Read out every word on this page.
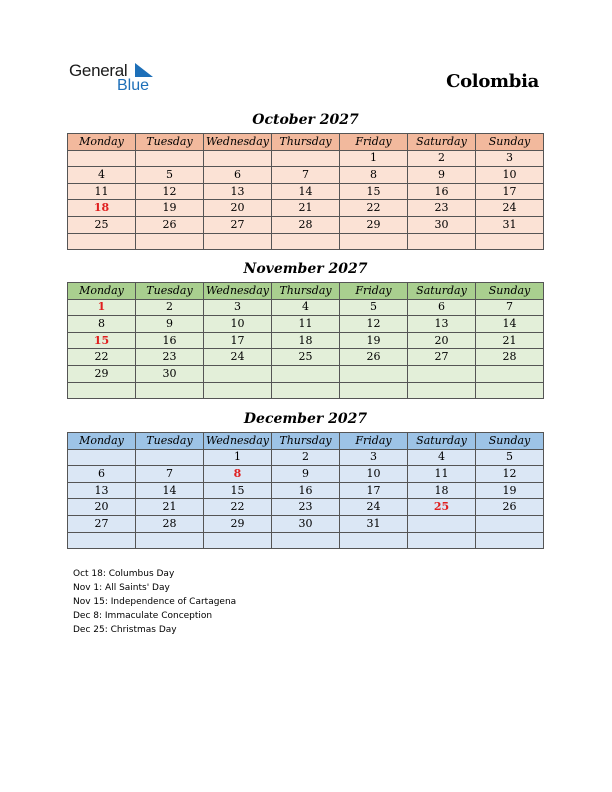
General
Blue	Colombia
October 2027
Monday	Tuesday	Wednesday	Thursday	Friday	Saturday	Sunday
				1	2	3
4	5	6	7	8	9	10
11	12	13	14	15	16	17
18	19	20	21	22	23	24
25	26	27	28	29	30	31

November 2027
Monday	Tuesday	Wednesday	Thursday	Friday	Saturday	Sunday
1	2	3	4	5	6	7
8	9	10	11	12	13	14
15	16	17	18	19	20	21
22	23	24	25	26	27	28
29	30					

December 2027
Monday	Tuesday	Wednesday	Thursday	Friday	Saturday	Sunday
		1	2	3	4	5
6	7	8	9	10	11	12
13	14	15	16	17	18	19
20	21	22	23	24	25	26
27	28	29	30	31		

Oct 18: Columbus Day
Nov 1: All Saints' Day
Nov 15: Independence of Cartagena
Dec 8: Immaculate Conception
Dec 25: Christmas Day
